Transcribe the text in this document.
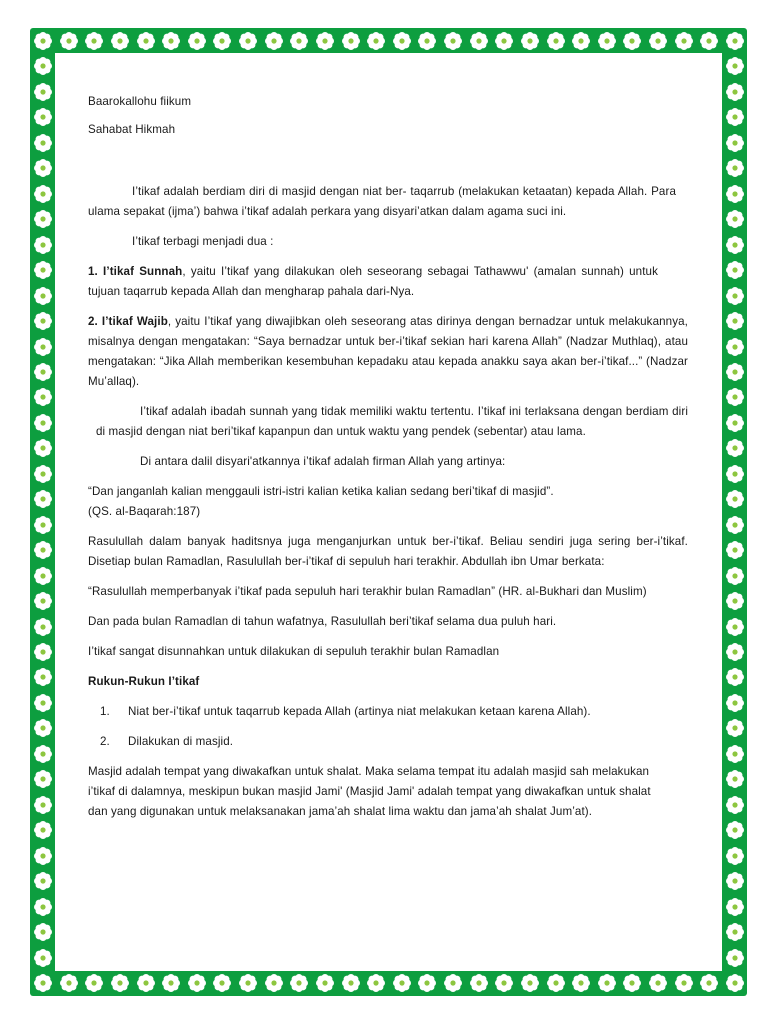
Baarokallohu fiikum

Sahabat Hikmah

I’tikaf adalah berdiam diri di masjid dengan niat ber- taqarrub (melakukan ketaatan) kepada Allah. Para ulama sepakat (ijma’) bahwa i’tikaf adalah perkara yang disyari’atkan dalam agama suci ini.

I’tikaf terbagi menjadi dua :

1. I’tikaf Sunnah, yaitu I’tikaf yang dilakukan oleh seseorang sebagai Tathawwu' (amalan sunnah) untuk tujuan taqarrub kepada Allah dan mengharap pahala dari-Nya.

2. I’tikaf Wajib, yaitu I’tikaf yang diwajibkan oleh seseorang atas dirinya dengan bernadzar untuk melakukannya, misalnya dengan mengatakan: “Saya bernadzar untuk ber-i’tikaf sekian hari karena Allah” (Nadzar Muthlaq), atau mengatakan: “Jika Allah memberikan kesembuhan kepadaku atau kepada anakku saya akan ber-i’tikaf...” (Nadzar Mu’allaq).

I’tikaf adalah ibadah sunnah yang tidak memiliki waktu tertentu. I’tikaf ini terlaksana dengan berdiam diri di masjid dengan niat beri’tikaf kapanpun dan untuk waktu yang pendek (sebentar) atau lama.

Di antara dalil disyari'atkannya i’tikaf adalah firman Allah yang artinya:

“Dan janganlah kalian menggauli istri-istri kalian ketika kalian sedang beri’tikaf di masjid”.
(QS. al-Baqarah:187)

Rasulullah dalam banyak haditsnya juga menganjurkan untuk ber-i’tikaf. Beliau sendiri juga sering ber-i’tikaf. Disetiap bulan Ramadlan, Rasulullah ber-i’tikaf di sepuluh hari terakhir. Abdullah ibn Umar berkata:

“Rasulullah memperbanyak i’tikaf pada sepuluh hari terakhir bulan Ramadlan” (HR. al-Bukhari dan Muslim)

Dan pada bulan Ramadlan di tahun wafatnya, Rasulullah beri’tikaf selama dua puluh hari.

I’tikaf sangat disunnahkan untuk dilakukan di sepuluh terakhir bulan Ramadlan

Rukun-Rukun I’tikaf

1. Niat ber-i’tikaf untuk taqarrub kepada Allah (artinya niat melakukan ketaan karena Allah).

2. Dilakukan di masjid.

Masjid adalah tempat yang diwakafkan untuk shalat. Maka selama tempat itu adalah masjid sah melakukan i’tikaf di dalamnya, meskipun bukan masjid Jami' (Masjid Jami' adalah tempat yang diwakafkan untuk shalat dan yang digunakan untuk melaksanakan jama’ah shalat lima waktu dan jama’ah shalat Jum’at).
